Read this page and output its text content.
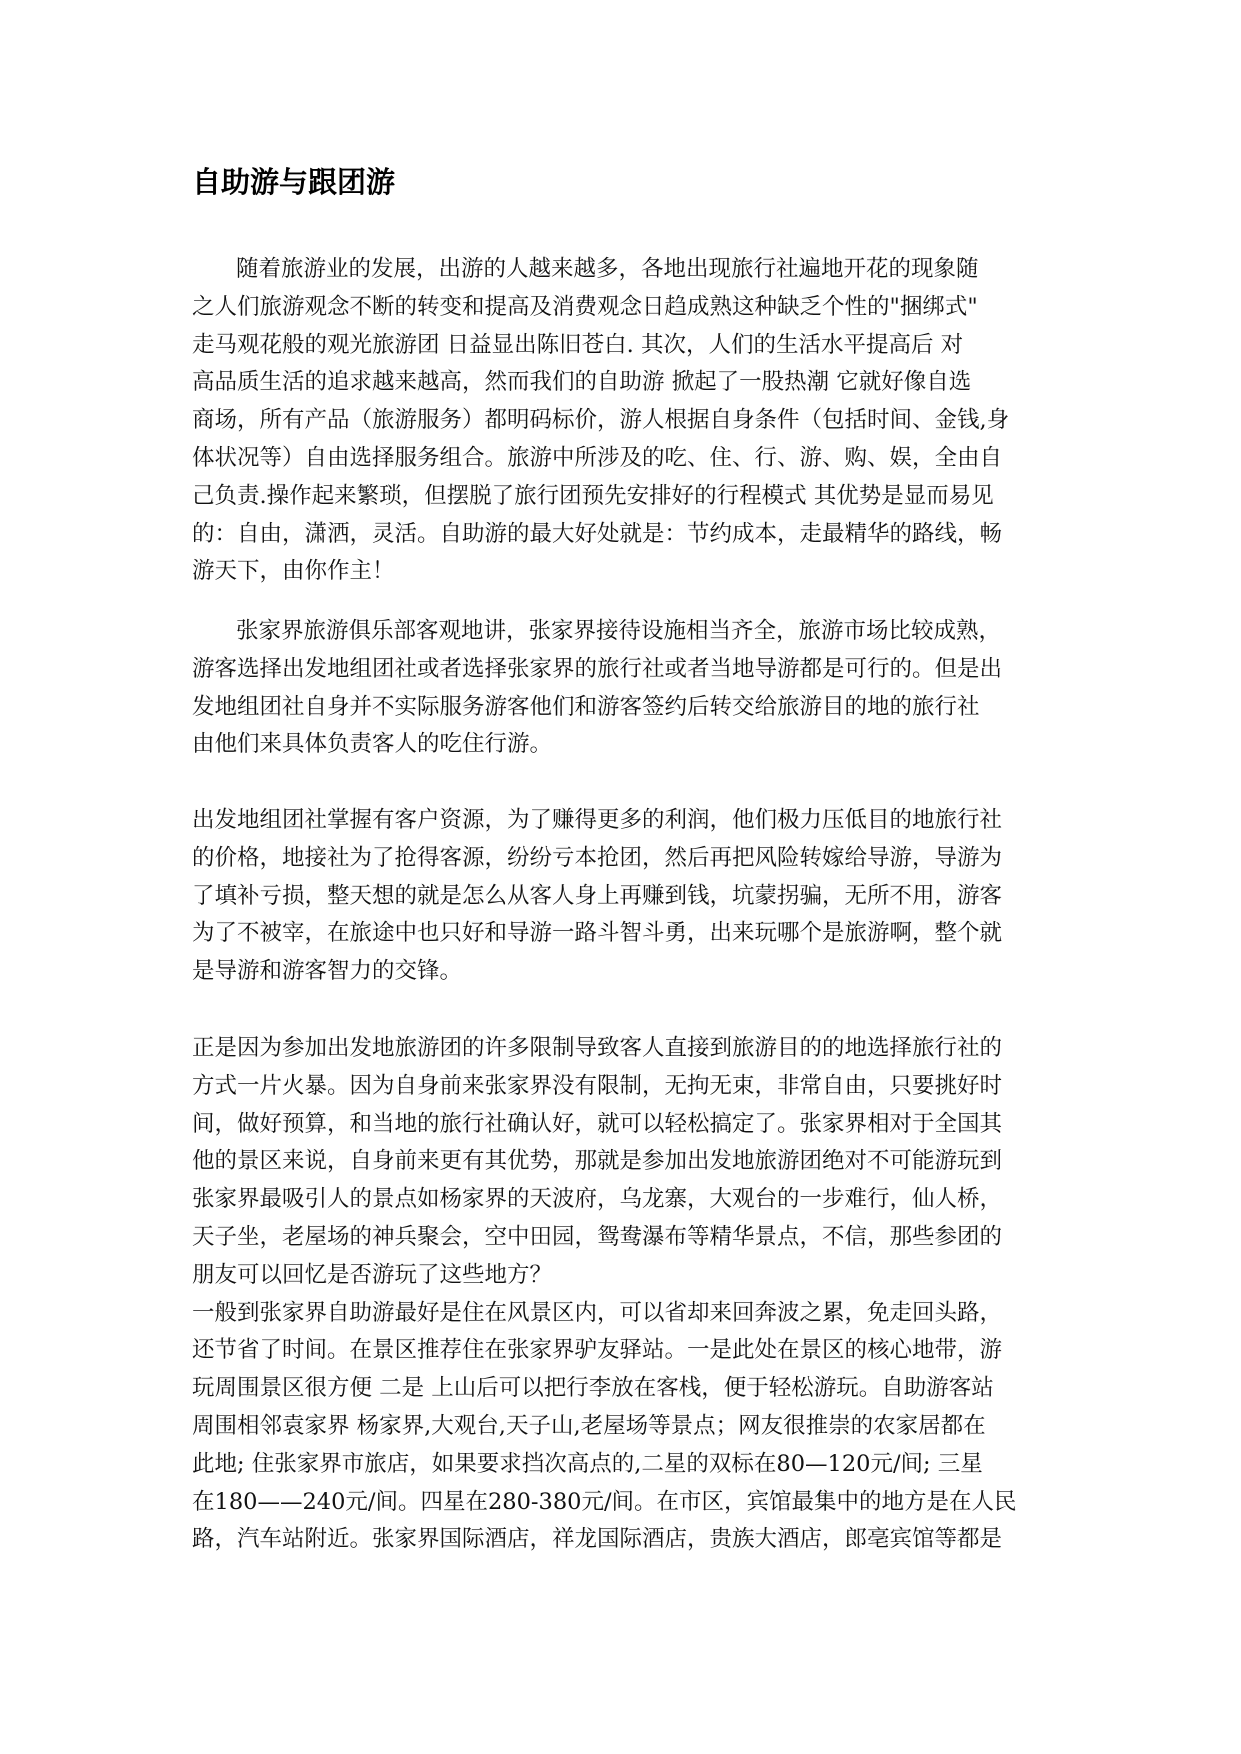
自助游与跟团游
随着旅游业的发展，出游的人越来越多，各地出现旅行社遍地开花的现象随
之人们旅游观念不断的转变和提高及消费观念日趋成熟这种缺乏个性的"捆绑式"
走马观花般的观光旅游团 日益显出陈旧苍白. 其次，人们的生活水平提高后 对
高品质生活的追求越来越高，然而我们的自助游 掀起了一股热潮 它就好像自选
商场，所有产品（旅游服务）都明码标价，游人根据自身条件（包括时间、金钱,身
体状况等）自由选择服务组合。旅游中所涉及的吃、住、行、游、购、娱，全由自
己负责.操作起来繁琐，但摆脱了旅行团预先安排好的行程模式 其优势是显而易见
的：自由，潇洒，灵活。自助游的最大好处就是：节约成本，走最精华的路线，畅
游天下，由你作主！
张家界旅游俱乐部客观地讲，张家界接待设施相当齐全，旅游市场比较成熟，
游客选择出发地组团社或者选择张家界的旅行社或者当地导游都是可行的。但是出
发地组团社自身并不实际服务游客他们和游客签约后转交给旅游目的地的旅行社
由他们来具体负责客人的吃住行游。
出发地组团社掌握有客户资源，为了赚得更多的利润，他们极力压低目的地旅行社
的价格，地接社为了抢得客源，纷纷亏本抢团，然后再把风险转嫁给导游，导游为
了填补亏损，整天想的就是怎么从客人身上再赚到钱，坑蒙拐骗，无所不用，游客
为了不被宰，在旅途中也只好和导游一路斗智斗勇，出来玩哪个是旅游啊，整个就
是导游和游客智力的交锋。
正是因为参加出发地旅游团的许多限制导致客人直接到旅游目的的地选择旅行社的
方式一片火暴。因为自身前来张家界没有限制，无拘无束，非常自由，只要挑好时
间，做好预算，和当地的旅行社确认好，就可以轻松搞定了。张家界相对于全国其
他的景区来说，自身前来更有其优势，那就是参加出发地旅游团绝对不可能游玩到
张家界最吸引人的景点如杨家界的天波府，乌龙寨，大观台的一步难行，仙人桥，
天子坐，老屋场的神兵聚会，空中田园，鸳鸯瀑布等精华景点，不信，那些参团的
朋友可以回忆是否游玩了这些地方？
一般到张家界自助游最好是住在风景区内，可以省却来回奔波之累，免走回头路，
还节省了时间。在景区推荐住在张家界驴友驿站。一是此处在景区的核心地带，游
玩周围景区很方便 二是 上山后可以把行李放在客栈，便于轻松游玩。自助游客站
周围相邻袁家界 杨家界,大观台,天子山,老屋场等景点；网友很推崇的农家居都在
此地; 住张家界市旅店，如果要求挡次高点的,二星的双标在80—120元/间; 三星
在180——240元/间。四星在280-380元/间。在市区，宾馆最集中的地方是在人民
路，汽车站附近。张家界国际酒店，祥龙国际酒店，贵族大酒店，郎亳宾馆等都是
